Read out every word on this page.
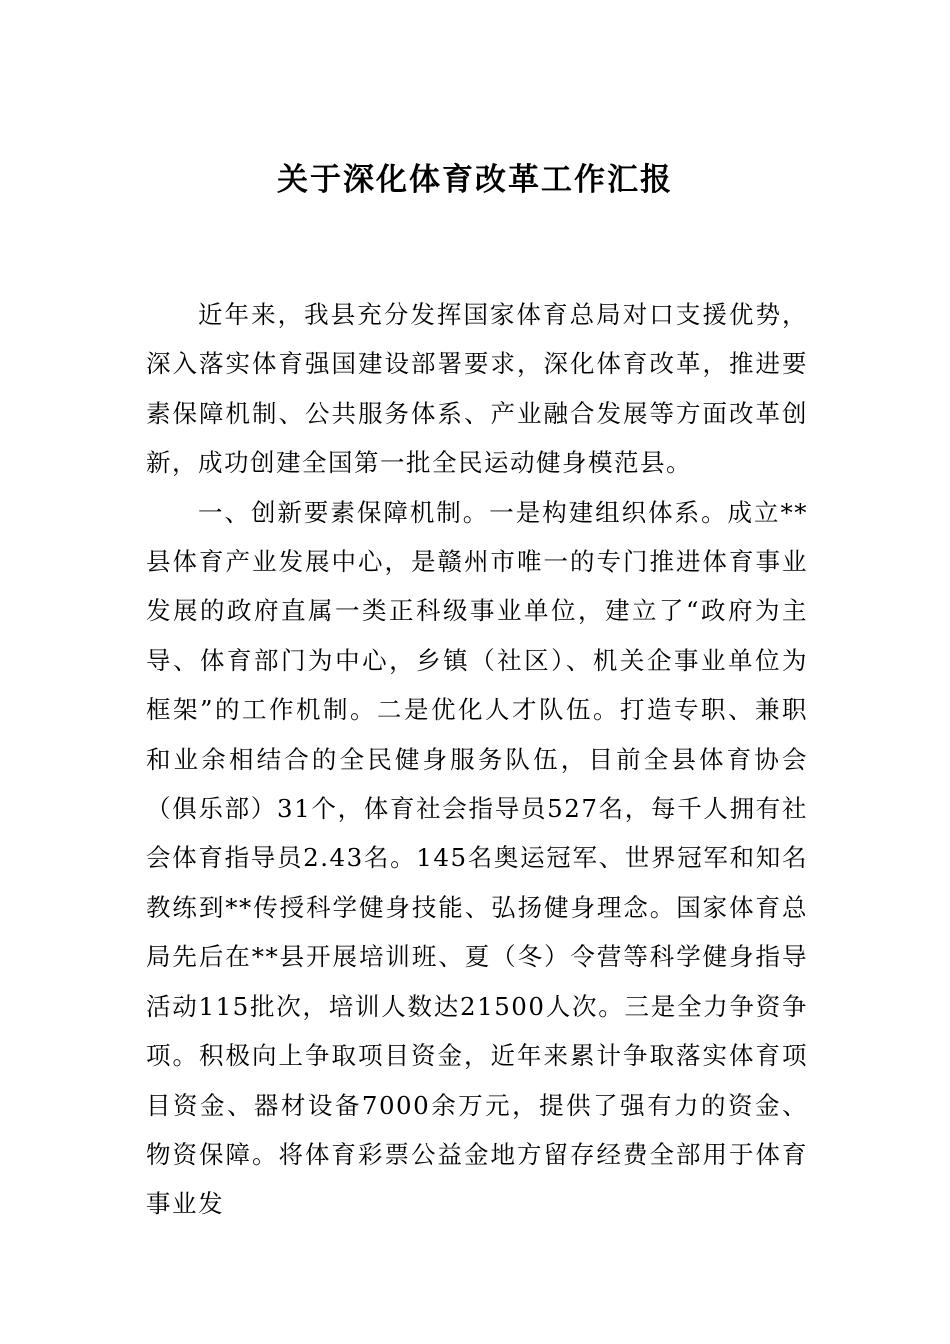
关于深化体育改革工作汇报

近年来，我县充分发挥国家体育总局对口支援优势，深入落实体育强国建设部署要求，深化体育改革，推进要素保障机制、公共服务体系、产业融合发展等方面改革创新，成功创建全国第一批全民运动健身模范县。

一、创新要素保障机制。一是构建组织体系。成立**县体育产业发展中心，是赣州市唯一的专门推进体育事业发展的政府直属一类正科级事业单位，建立了“政府为主导、体育部门为中心，乡镇（社区）、机关企事业单位为框架”的工作机制。二是优化人才队伍。打造专职、兼职和业余相结合的全民健身服务队伍，目前全县体育协会（俱乐部）31个，体育社会指导员527名，每千人拥有社会体育指导员2.43名。145名奥运冠军、世界冠军和知名教练到**传授科学健身技能、弘扬健身理念。国家体育总局先后在**县开展培训班、夏（冬）令营等科学健身指导活动115批次，培训人数达21500人次。三是全力争资争项。积极向上争取项目资金，近年来累计争取落实体育项目资金、器材设备7000余万元，提供了强有力的资金、物资保障。将体育彩票公益金地方留存经费全部用于体育事业发
